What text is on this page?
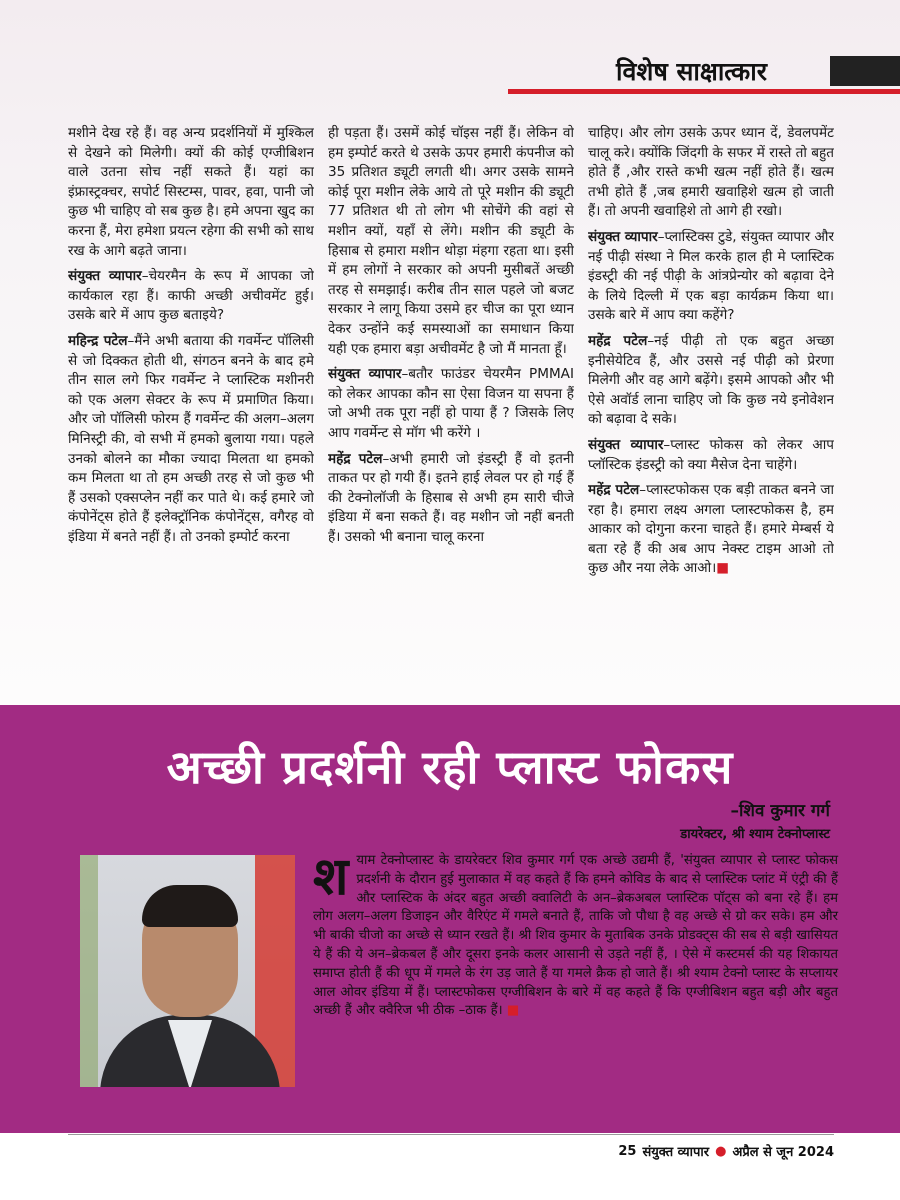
विशेष साक्षात्कार

मशीने देख रहे हैं। वह अन्य प्रदर्शनियों में मुश्किल से देखने को मिलेगी। क्यों की कोई एग्जीबिशन वाले उतना सोच नहीं सकते हैं। यहां का इंफ्रास्ट्रक्चर, सपोर्ट सिस्टम्स, पावर, हवा, पानी जो कुछ भी चाहिए वो सब कुछ है। हमे अपना खुद का करना हैं, मेरा हमेशा प्रयत्न रहेगा की सभी को साथ रख के आगे बढ़ते जाना।

संयुक्त व्यापार–चेयरमैन के रूप में आपका जो कार्यकाल रहा हैं। काफी अच्छी अचीवमेंट हुई। उसके बारे में आप कुछ बताइये?

महिन्द्र पटेल–मैंने अभी बताया की गवर्मेन्ट पॉलिसी से जो दिक्कत होती थी, संगठन बनने के बाद हमे तीन साल लगे फिर गवर्मेन्ट ने प्लास्टिक मशीनरी को एक अलग सेक्टर के रूप में प्रमाणित किया। और जो पॉलिसी फोरम हैं गवर्मेन्ट की अलग–अलग मिनिस्ट्री की, वो सभी में हमको बुलाया गया। पहले उनको बोलने का मौका ज्यादा मिलता था हमको कम मिलता था तो हम अच्छी तरह से जो कुछ भी हैं उसको एक्सप्लेन नहीं कर पाते थे। कई हमारे जो कंपोनेंट्स होते हैं इलेक्ट्रॉनिक कंपोनेंट्स, वगैरह वो इंडिया में बनते नहीं हैं। तो उनको इम्पोर्ट करना

ही पड़ता हैं। उसमें कोई चॉइस नहीं हैं। लेकिन वो हम इम्पोर्ट करते थे उसके ऊपर हमारी कंपनीज को 35 प्रतिशत ड्यूटी लगती थी। अगर उसके सामने कोई पूरा मशीन लेके आये तो पूरे मशीन की ड्यूटी 77 प्रतिशत थी तो लोग भी सोचेंगे की वहां से मशीन क्यों, यहाँ से लेंगे। मशीन की ड्यूटी के हिसाब से हमारा मशीन थोड़ा मंहगा रहता था। इसी में हम लोगों ने सरकार को अपनी मुसीबतें अच्छी तरह से समझाई। करीब तीन साल पहले जो बजट सरकार ने लागू किया उसमे हर चीज का पूरा ध्यान देकर उन्होंने कई समस्याओं का समाधान किया यही एक हमारा बड़ा अचीवमेंट है जो मैं मानता हूँ।

संयुक्त व्यापार–बतौर फाउंडर चेयरमैन PMMAI को लेकर आपका कौन सा ऐसा विजन या सपना हैं जो अभी तक पूरा नहीं हो पाया हैं ? जिसके लिए आप गवर्मेन्ट से मॉग भी करेंगे ।

महेंद्र पटेल–अभी हमारी जो इंडस्ट्री हैं वो इतनी ताकत पर हो गयी हैं। इतने हाई लेवल पर हो गई हैं की टेक्नोलॉजी के हिसाब से अभी हम सारी चीजे इंडिया में बना सकते हैं। वह मशीन जो नहीं बनती हैं। उसको भी बनाना चालू करना

चाहिए। और लोग उसके ऊपर ध्यान दें, डेवलपमेंट चालू करे। क्योंकि जिंदगी के सफर में रास्ते तो बहुत होते हैं ,और रास्ते कभी खत्म नहीं होते हैं। खत्म तभी होते हैं ,जब हमारी खवाहिशे खत्म हो जाती हैं। तो अपनी खवाहिशे तो आगे ही रखो।

संयुक्त व्यापार–प्लास्टिक्स टुडे, संयुक्त व्यापार और नई पीढ़ी संस्था ने मिल करके हाल ही मे प्लास्टिक इंडस्ट्री की नई पीढ़ी के आंत्रप्रेन्योर को बढ़ावा देने के लिये दिल्ली में एक बड़ा कार्यक्रम किया था। उसके बारे में आप क्या कहेंगे?

महेंद्र पटेल–नई पीढ़ी तो एक बहुत अच्छा इनीसेयेटिव हैं, और उससे नई पीढ़ी को प्रेरणा मिलेगी और वह आगे बढ़ेंगे। इसमे आपको और भी ऐसे अवॉर्ड लाना चाहिए जो कि कुछ नये इनोवेशन को बढ़ावा दे सके।

संयुक्त व्यापार–प्लास्ट फोकस को लेकर आप प्लॉस्टिक इंडस्ट्री को क्या मैसेज देना चाहेंगे।

महेंद्र पटेल–प्लास्टफोकस एक बड़ी ताकत बनने जा रहा है। हमारा लक्ष्य अगला प्लास्टफोकस है, हम आकार को दोगुना करना चाहते हैं। हमारे मेम्बर्स ये बता रहे हैं की अब आप नेक्स्ट टाइम आओ तो कुछ और नया लेके आओ।■

अच्छी प्रदर्शनी रही प्लास्ट फोकस
–शिव कुमार गर्ग
डायरेक्टर, श्री श्याम टेक्नोप्लास्ट
शयाम टेक्नोप्लास्ट के डायरेक्टर शिव कुमार गर्ग एक अच्छे उद्यमी हैं, 'संयुक्त व्यापार से प्लास्ट फोकस प्रदर्शनी के दौरान हुई मुलाकात में वह कहते हैं कि हमने कोविड के बाद से प्लास्टिक प्लांट में एंट्री की हैं और प्लास्टिक के अंदर बहुत अच्छी क्वालिटी के अन–ब्रेकअबल प्लास्टिक पॉट्स को बना रहे हैं। हम लोग अलग–अलग डिजाइन और वैरिएंट में गमले बनाते हैं, ताकि जो पौधा है वह अच्छे से ग्रो कर सके। हम और भी बाकी चीजो का अच्छे से ध्यान रखते हैं। श्री शिव कुमार के मुताबिक उनके प्रोडक्ट्स की सब से बड़ी खासियत ये हैं की ये अन–ब्रेकबल हैं और दूसरा इनके कलर आसानी से उड़ते नहीं हैं, । ऐसे में कस्टमर्स की यह शिकायत समाप्त होती हैं की धूप में गमले के रंग उड़ जाते हैं या गमले क्रैक हो जाते हैं। श्री श्याम टेक्नो प्लास्ट के सप्लायर आल ओवर इंडिया में हैं। प्लास्टफोकस एग्जीबिशन के बारे में वह कहते हैं कि एग्जीबिशन बहुत बड़ी और बहुत अच्छी हैं और क्वैरिज भी ठीक –ठाक हैं। ■
25 संयुक्त व्यापार ● अप्रैल से जून 2024
